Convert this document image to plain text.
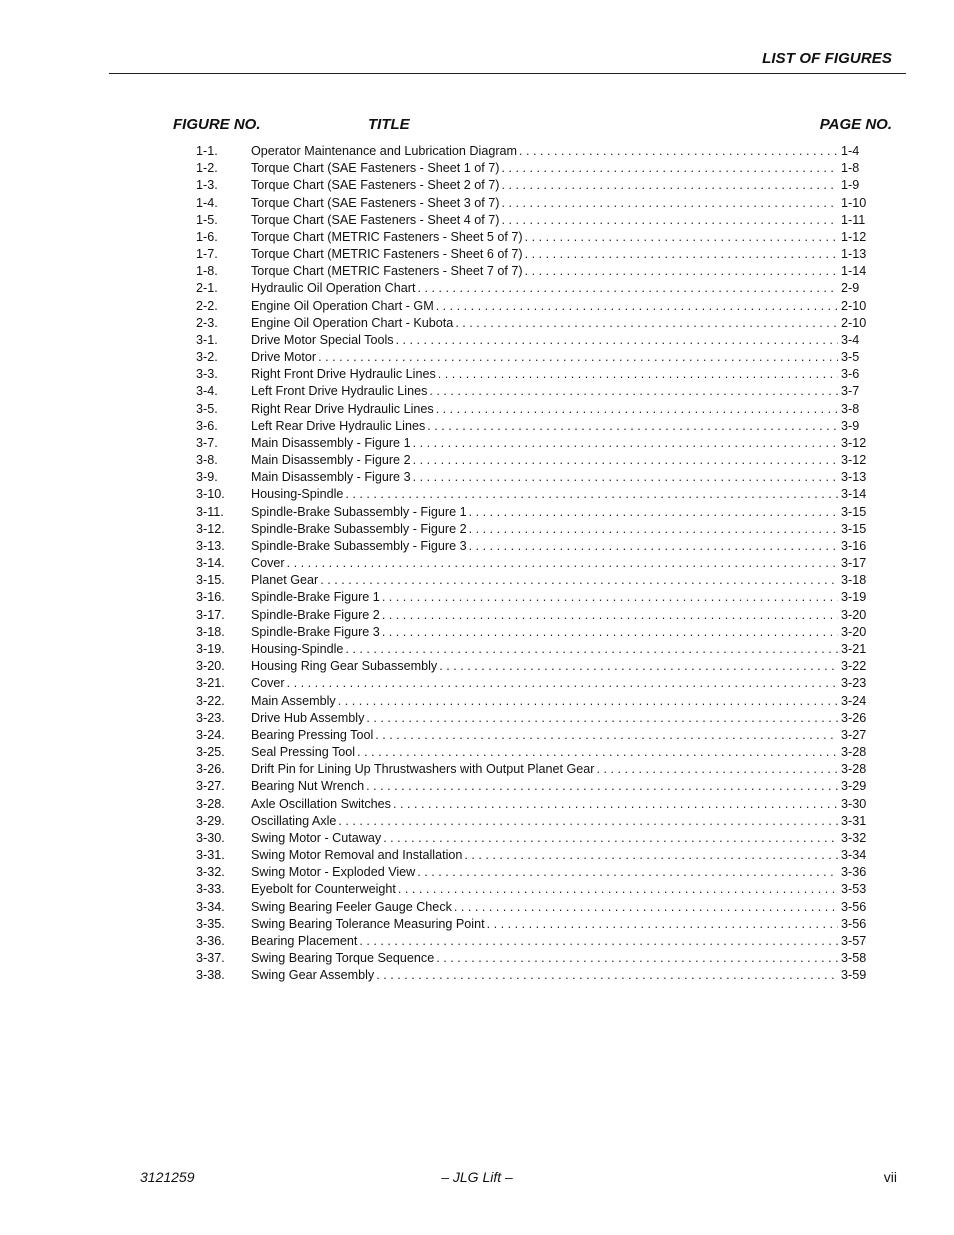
LIST OF FIGURES
FIGURE NO.	TITLE	PAGE NO.
1-1.	Operator Maintenance and Lubrication Diagram . . .	1-4
1-2.	Torque Chart (SAE Fasteners - Sheet 1 of 7) . . .	1-8
1-3.	Torque Chart (SAE Fasteners - Sheet 2 of 7) . . .	1-9
1-4.	Torque Chart (SAE Fasteners - Sheet 3 of 7) . . .	1-10
1-5.	Torque Chart (SAE Fasteners - Sheet 4 of 7) . . .	1-11
1-6.	Torque Chart (METRIC Fasteners - Sheet 5 of 7) . . .	1-12
1-7.	Torque Chart (METRIC Fasteners - Sheet 6 of 7) . . .	1-13
1-8.	Torque Chart (METRIC Fasteners - Sheet 7 of 7) . . .	1-14
2-1.	Hydraulic Oil Operation Chart . . .	2-9
2-2.	Engine Oil Operation Chart - GM . . .	2-10
2-3.	Engine Oil Operation Chart - Kubota . . .	2-10
3-1.	Drive Motor Special Tools . . .	3-4
3-2.	Drive Motor . . .	3-5
3-3.	Right Front Drive Hydraulic Lines . . .	3-6
3-4.	Left Front Drive Hydraulic Lines . . .	3-7
3-5.	Right Rear Drive Hydraulic Lines . . .	3-8
3-6.	Left Rear Drive Hydraulic Lines . . .	3-9
3-7.	Main Disassembly - Figure 1 . . .	3-12
3-8.	Main Disassembly - Figure 2 . . .	3-12
3-9.	Main Disassembly - Figure 3 . . .	3-13
3-10.	Housing-Spindle . . .	3-14
3-11.	Spindle-Brake Subassembly - Figure 1 . . .	3-15
3-12.	Spindle-Brake Subassembly - Figure 2 . . .	3-15
3-13.	Spindle-Brake Subassembly - Figure 3 . . .	3-16
3-14.	Cover . . .	3-17
3-15.	Planet Gear . . .	3-18
3-16.	Spindle-Brake Figure 1 . . .	3-19
3-17.	Spindle-Brake Figure 2 . . .	3-20
3-18.	Spindle-Brake Figure 3 . . .	3-20
3-19.	Housing-Spindle . . .	3-21
3-20.	Housing Ring Gear Subassembly . . .	3-22
3-21.	Cover . . .	3-23
3-22.	Main Assembly . . .	3-24
3-23.	Drive Hub Assembly . . .	3-26
3-24.	Bearing Pressing Tool . . .	3-27
3-25.	Seal Pressing Tool . . .	3-28
3-26.	Drift Pin for Lining Up Thrustwashers with Output Planet Gear . . .	3-28
3-27.	Bearing Nut Wrench . . .	3-29
3-28.	Axle Oscillation Switches . . .	3-30
3-29.	Oscillating Axle . . .	3-31
3-30.	Swing Motor - Cutaway . . .	3-32
3-31.	Swing Motor Removal and Installation . . .	3-34
3-32.	Swing Motor - Exploded View . . .	3-36
3-33.	Eyebolt for Counterweight . . .	3-53
3-34.	Swing Bearing Feeler Gauge Check . . .	3-56
3-35.	Swing Bearing Tolerance Measuring Point . . .	3-56
3-36.	Bearing Placement . . .	3-57
3-37.	Swing Bearing Torque Sequence . . .	3-58
3-38.	Swing Gear Assembly . . .	3-59
3121259	– JLG Lift –	vii
